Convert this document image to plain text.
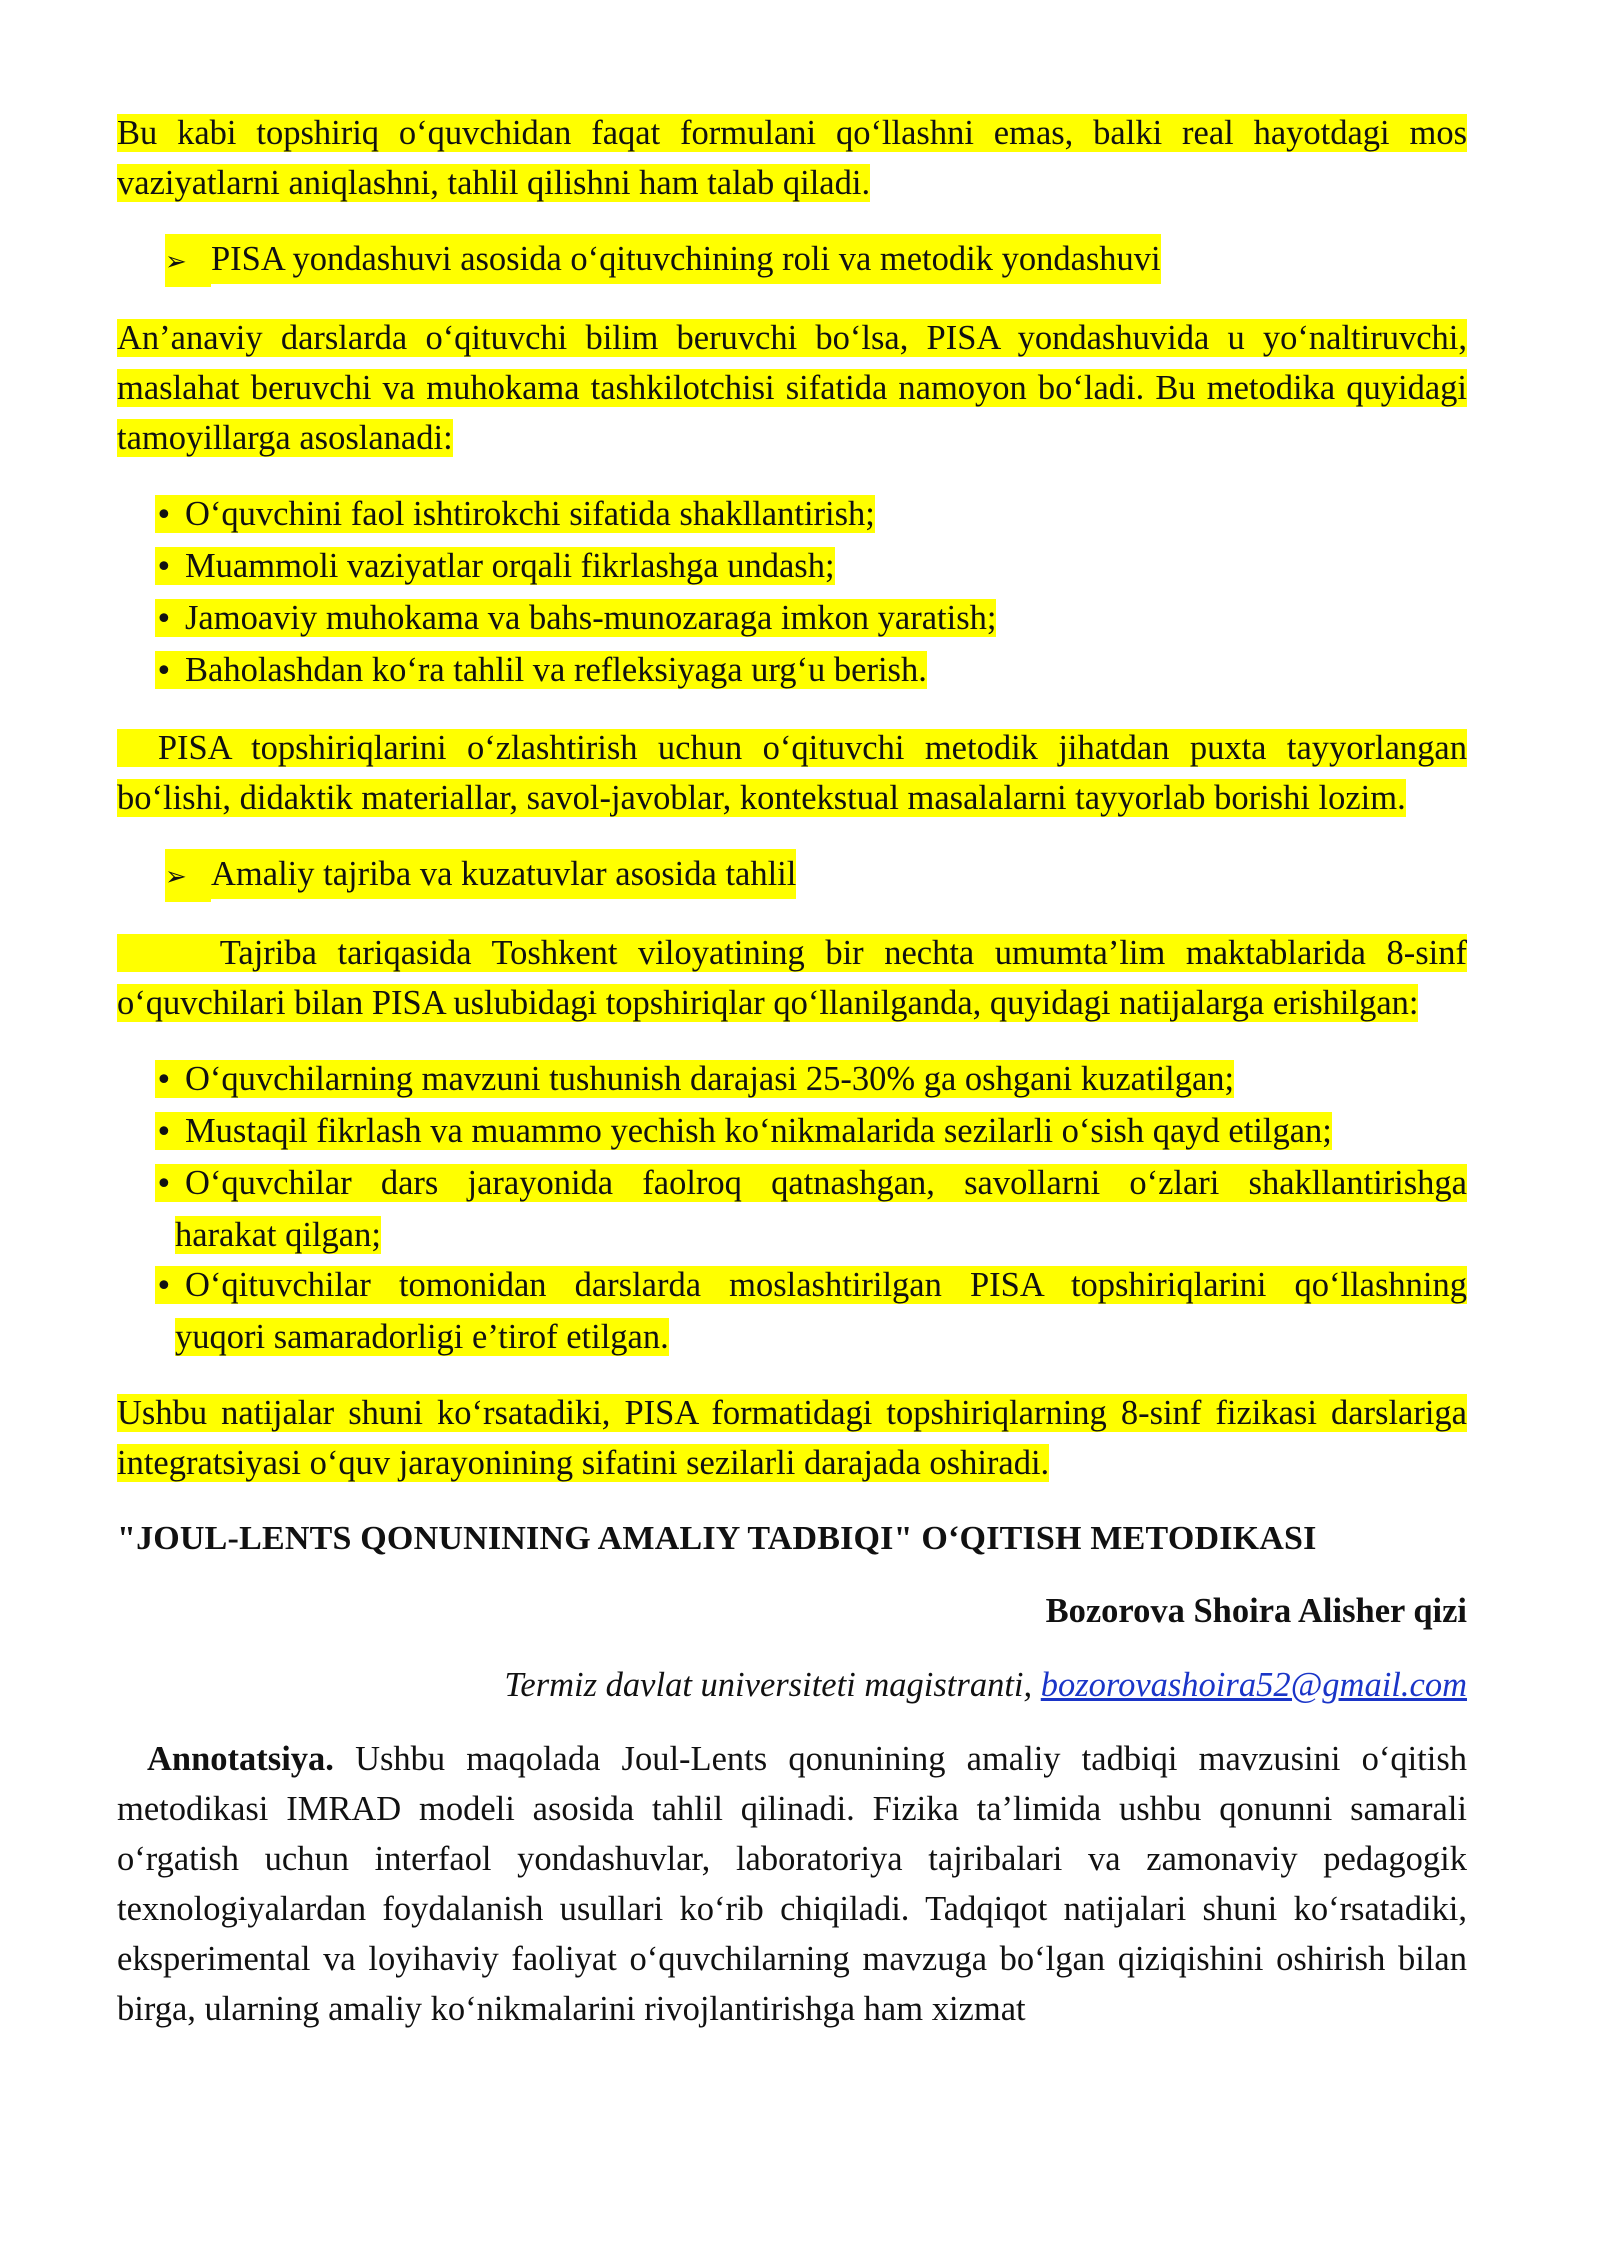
Bu kabi topshiriq o‘quvchidan faqat formulani qo‘llashni emas, balki real hayotdagi mos vaziyatlarni aniqlashni, tahlil qilishni ham talab qiladi.

➢ PISA yondashuvi asosida o‘qituvchining roli va metodik yondashuvi

An’anaviy darslarda o‘qituvchi bilim beruvchi bo‘lsa, PISA yondashuvida u yo‘naltiruvchi, maslahat beruvchi va muhokama tashkilotchisi sifatida namoyon bo‘ladi. Bu metodika quyidagi tamoyillarga asoslanadi:

• O‘quvchini faol ishtirokchi sifatida shakllantirish;
• Muammoli vaziyatlar orqali fikrlashga undash;
• Jamoaviy muhokama va bahs-munozaraga imkon yaratish;
• Baholashdan ko‘ra tahlil va refleksiyaga urg‘u berish.

PISA topshiriqlarini o‘zlashtirish uchun o‘qituvchi metodik jihatdan puxta tayyorlangan bo‘lishi, didaktik materiallar, savol-javoblar, kontekstual masalalarni tayyorlab borishi lozim.

➢ Amaliy tajriba va kuzatuvlar asosida tahlil

Tajriba tariqasida Toshkent viloyatining bir nechta umumta’lim maktablarida 8-sinf o‘quvchilari bilan PISA uslubidagi topshiriqlar qo‘llanilganda, quyidagi natijalarga erishilgan:

• O‘quvchilarning mavzuni tushunish darajasi 25-30% ga oshgani kuzatilgan;
• Mustaqil fikrlash va muammo yechish ko‘nikmalarida sezilarli o‘sish qayd etilgan;
• O‘quvchilar dars jarayonida faolroq qatnashgan, savollarni o‘zlari shakllantirishga
harakat qilgan;
• O‘qituvchilar tomonidan darslarda moslashtirilgan PISA topshiriqlarini qo‘llashning
yuqori samaradorligi e’tirof etilgan.

Ushbu natijalar shuni ko‘rsatadiki, PISA formatidagi topshiriqlarning 8-sinf fizikasi darslariga integratsiyasi o‘quv jarayonining sifatini sezilarli darajada oshiradi.

"JOUL-LENTS QONUNINING AMALIY TADBIQI" O‘QITISH METODIKASI

Bozorova Shoira Alisher qizi

Termiz davlat universiteti magistranti, bozorovashoira52@gmail.com

Annotatsiya. Ushbu maqolada Joul-Lents qonunining amaliy tadbiqi mavzusini o‘qitish metodikasi IMRAD modeli asosida tahlil qilinadi. Fizika ta’limida ushbu qonunni samarali o‘rgatish uchun interfaol yondashuvlar, laboratoriya tajribalari va zamonaviy pedagogik texnologiyalardan foydalanish usullari ko‘rib chiqiladi. Tadqiqot natijalari shuni ko‘rsatadiki, eksperimental va loyihaviy faoliyat o‘quvchilarning mavzuga bo‘lgan qiziqishini oshirish bilan birga, ularning amaliy ko‘nikmalarini rivojlantirishga ham xizmat
